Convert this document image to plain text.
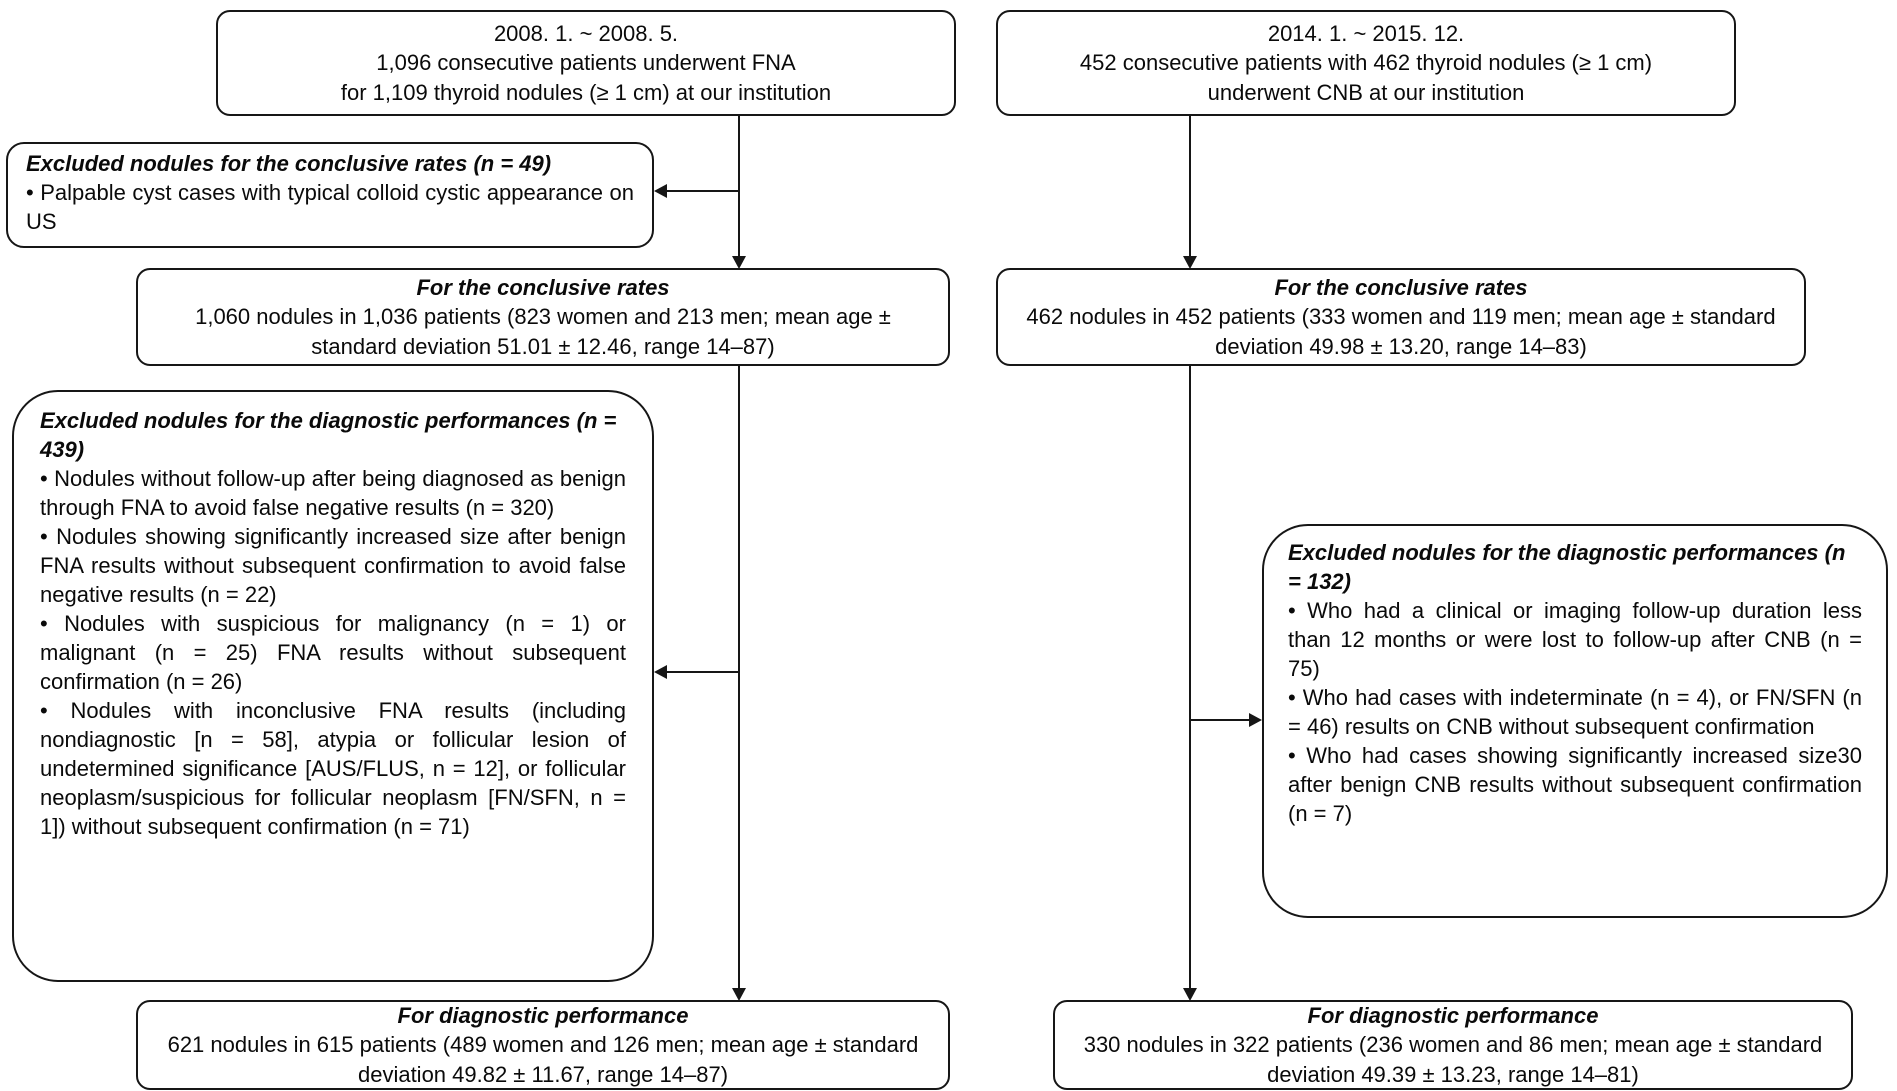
2008. 1. ~ 2008. 5.
1,096 consecutive patients underwent FNA
for 1,109 thyroid nodules (≥ 1 cm) at our institution
Excluded nodules for the conclusive rates (n = 49)

• Palpable cyst cases with typical colloid cystic appearance on US

For the conclusive rates
1,060 nodules in 1,036 patients (823 women and 213 men; mean age ± standard deviation 51.01 ± 12.46, range 14–87)
Excluded nodules for the diagnostic performances (n = 439)

• Nodules without follow-up after being diagnosed as benign through FNA to avoid false negative results (n = 320)

• Nodules showing significantly increased size after benign FNA results without subsequent confirmation to avoid false negative results (n = 22)

• Nodules with suspicious for malignancy (n = 1) or malignant (n = 25) FNA results without subsequent confirmation (n = 26)

• Nodules with inconclusive FNA results (including nondiagnostic [n = 58], atypia or follicular lesion of undetermined significance [AUS/FLUS, n = 12], or follicular neoplasm/suspicious for follicular neoplasm [FN/SFN, n = 1]) without subsequent confirmation (n = 71)

For diagnostic performance
621 nodules in 615 patients (489 women and 126 men; mean age ± standard deviation 49.82 ± 11.67, range 14–87)
2014. 1. ~ 2015. 12.
452 consecutive patients with 462 thyroid nodules (≥ 1 cm)
underwent CNB at our institution
For the conclusive rates
462 nodules in 452 patients (333 women and 119 men; mean age ± standard deviation 49.98 ± 13.20, range 14–83)
Excluded nodules for the diagnostic performances (n = 132)

• Who had a clinical or imaging follow-up duration less than 12 months or were lost to follow-up after CNB (n = 75)

• Who had cases with indeterminate (n = 4), or FN/SFN (n = 46) results on CNB without subsequent confirmation

• Who had cases showing significantly increased size30 after benign CNB results without subsequent confirmation (n = 7)

For diagnostic performance
330 nodules in 322 patients (236 women and 86 men; mean age ± standard deviation 49.39 ± 13.23, range 14–81)
